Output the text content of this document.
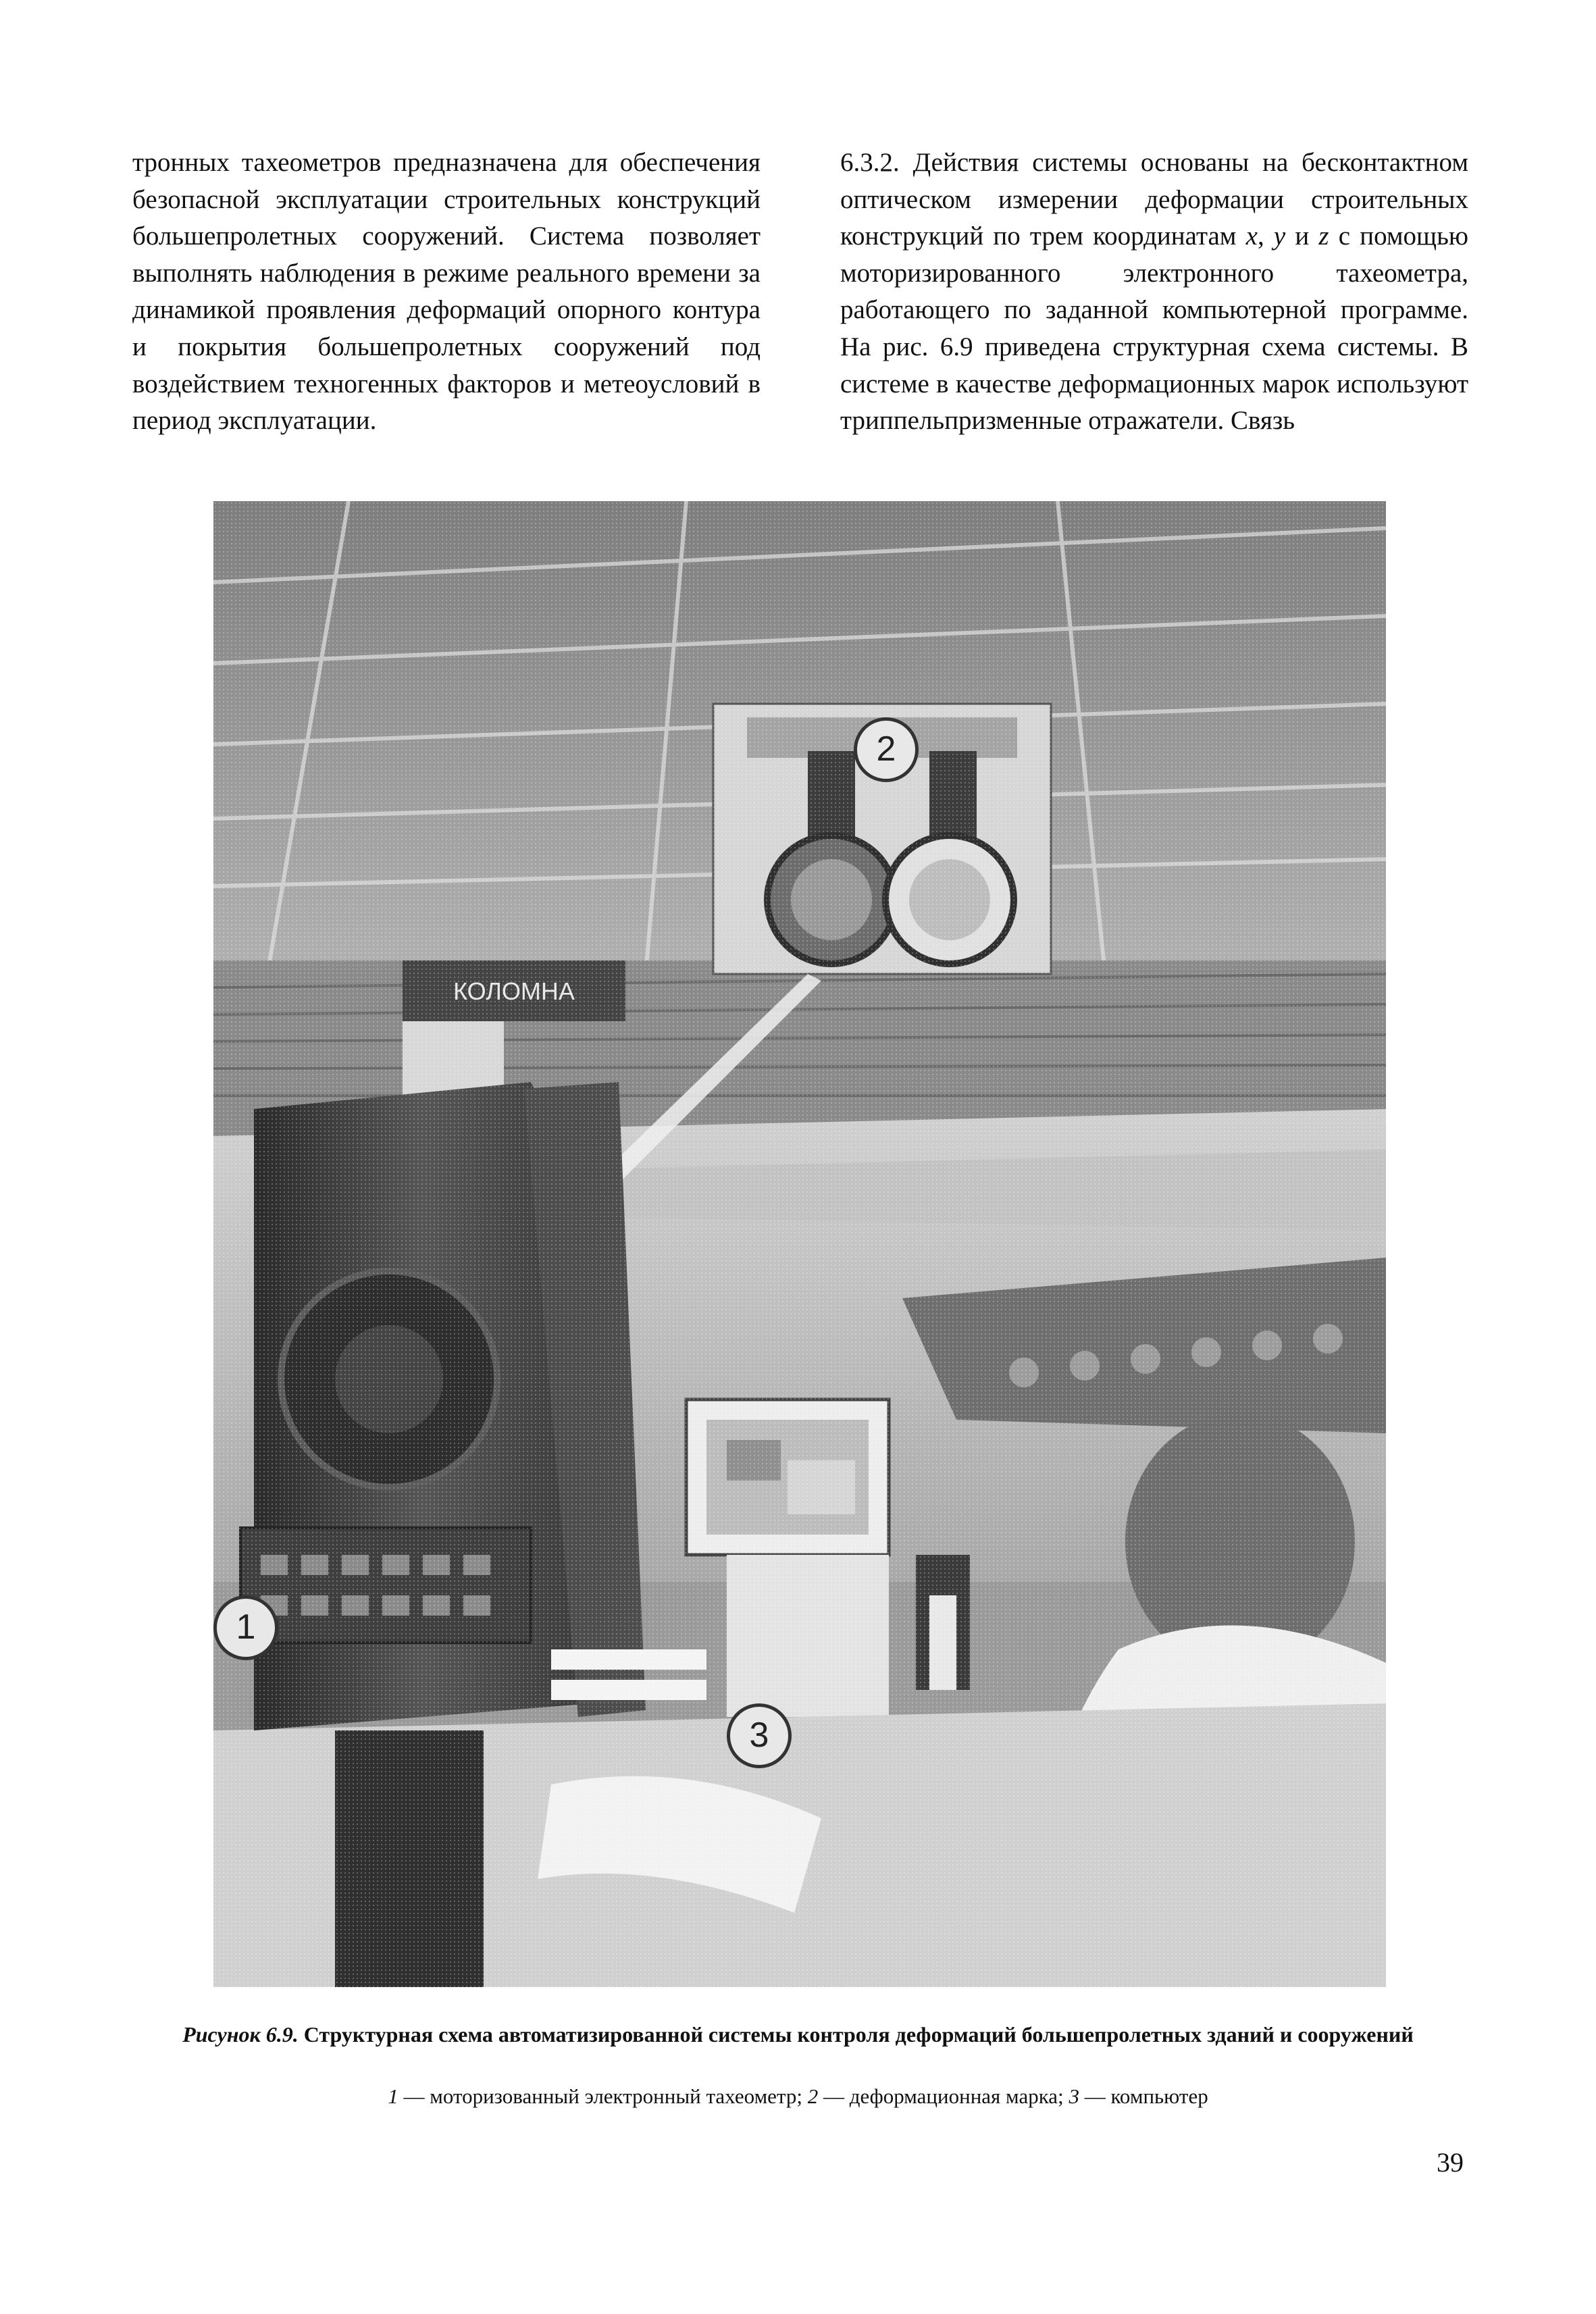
тронных тахеометров предназначена для обеспечения безопасной эксплуатации строительных конструкций большепролетных сооружений. Система позволяет выполнять наблюдения в режиме реального времени за динамикой проявления деформаций опорного контура и покрытия большепролетных сооружений под воздействием техногенных факторов и метеоусловий в период эксплуатации.

6.3.2. Действия системы основаны на бесконтактном оптическом измерении деформации строительных конструкций по трем координатам x, y и z с помощью моторизированного электронного тахеометра, работающего по заданной компьютерной программе. На рис. 6.9 приведена структурная схема системы. В системе в качестве деформационных марок используют триппельпризменные отражатели. Связь

1
2
3
Рисунок 6.9. Структурная схема автоматизированной системы контроля деформаций большепролетных зданий и сооружений
1 — моторизованный электронный тахеометр; 2 — деформационная марка; 3 — компьютер
39
